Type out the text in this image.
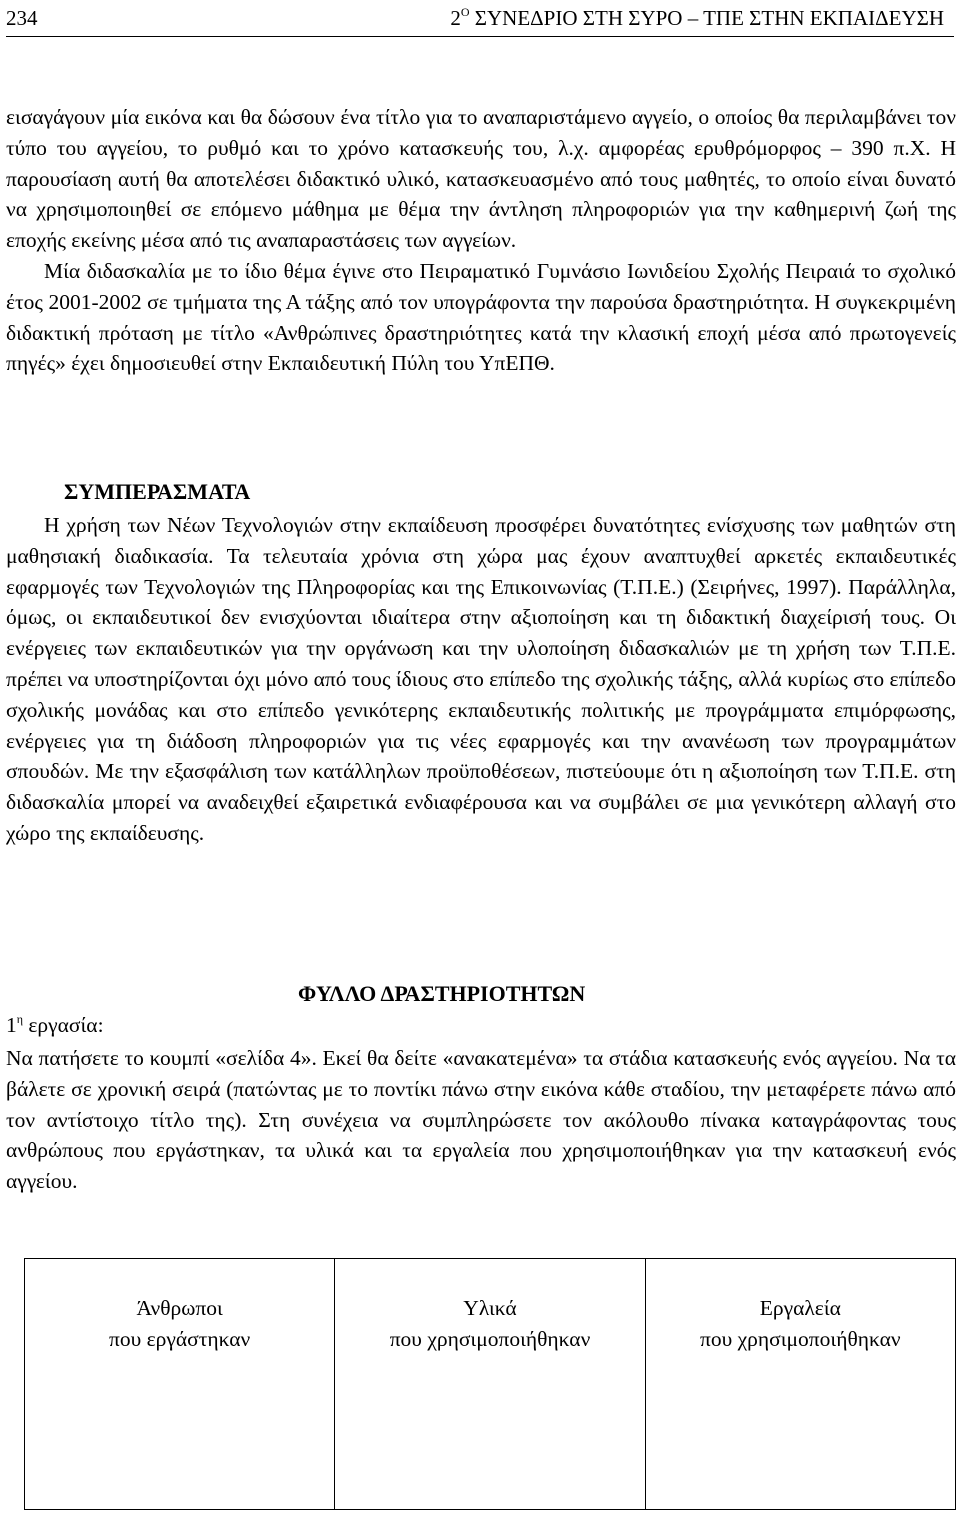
234	$2^O$ ΣΥΝΕΔΡΙΟ ΣΤΗ ΣΥΡΟ – ΤΠΕ ΣΤΗΝ ΕΚΠΑΙΔΕΥΣΗ

εισαγάγουν μία εικόνα και θα δώσουν ένα τίτλο για το αναπαριστάμενο αγγείο, ο οποίος θα περιλαμβάνει τον τύπο του αγγείου, το ρυθμό και το χρόνο κατασκευής του, λ.χ. αμφορέας ερυθρόμορφος – 390 π.Χ. Η παρουσίαση αυτή θα αποτελέσει διδακτικό υλικό, κατασκευασμένο από τους μαθητές, το οποίο είναι δυνατό να χρησιμοποιηθεί σε επόμενο μάθημα με θέμα την άντληση πληροφοριών για την καθημερινή ζωή της εποχής εκείνης μέσα από τις αναπαραστάσεις των αγγείων.

Μία διδασκαλία με το ίδιο θέμα έγινε στο Πειραματικό Γυμνάσιο Ιωνιδείου Σχολής Πειραιά το σχολικό έτος 2001-2002 σε τμήματα της Α τάξης από τον υπογράφοντα την παρούσα δραστηριότητα. Η συγκεκριμένη διδακτική πρόταση με τίτλο «Ανθρώπινες δραστηριότητες κατά την κλασική εποχή μέσα από πρωτογενείς πηγές» έχει δημοσιευθεί στην Εκπαιδευτική Πύλη του ΥπΕΠΘ.

ΣΥΜΠΕΡΑΣΜΑΤΑ

Η χρήση των Νέων Τεχνολογιών στην εκπαίδευση προσφέρει δυνατότητες ενίσχυσης των μαθητών στη μαθησιακή διαδικασία. Τα τελευταία χρόνια στη χώρα μας έχουν αναπτυχθεί αρκετές εκπαιδευτικές εφαρμογές των Τεχνολογιών της Πληροφορίας και της Επικοινωνίας (Τ.Π.Ε.) (Σειρήνες, 1997). Παράλληλα, όμως, οι εκπαιδευτικοί δεν ενισχύονται ιδιαίτερα στην αξιοποίηση και τη διδακτική διαχείρισή τους. Οι ενέργειες των εκπαιδευτικών για την οργάνωση και την υλοποίηση διδασκαλιών με τη χρήση των Τ.Π.Ε. πρέπει να υποστηρίζονται όχι μόνο από τους ίδιους στο επίπεδο της σχολικής τάξης, αλλά κυρίως στο επίπεδο σχολικής μονάδας και στο επίπεδο γενικότερης εκπαιδευτικής πολιτικής με προγράμματα επιμόρφωσης, ενέργειες για τη διάδοση πληροφοριών για τις νέες εφαρμογές και την ανανέωση των προγραμμάτων σπουδών. Με την εξασφάλιση των κατάλληλων προϋποθέσεων, πιστεύουμε ότι η αξιοποίηση των Τ.Π.Ε. στη διδασκαλία μπορεί να αναδειχθεί εξαιρετικά ενδιαφέρουσα και να συμβάλει σε μια γενικότερη αλλαγή στο χώρο της εκπαίδευσης.

ΦΥΛΛΟ ΔΡΑΣΤΗΡΙΟΤΗΤΩΝ
$1^\eta$ εργασία:

Να πατήσετε το κουμπί «σελίδα 4». Εκεί θα δείτε «ανακατεμένα» τα στάδια κατασκευής ενός αγγείου. Να τα βάλετε σε χρονική σειρά (πατώντας με το ποντίκι πάνω στην εικόνα κάθε σταδίου, την μεταφέρετε πάνω από τον αντίστοιχο τίτλο της). Στη συνέχεια να συμπληρώσετε τον ακόλουθο πίνακα καταγράφοντας τους ανθρώπους που εργάστηκαν, τα υλικά και τα εργαλεία που χρησιμοποιήθηκαν για την κατασκευή ενός αγγείου.

Άνθρωποι
που εργάστηκαν
Υλικά
που χρησιμοποιήθηκαν
Εργαλεία
που χρησιμοποιήθηκαν
